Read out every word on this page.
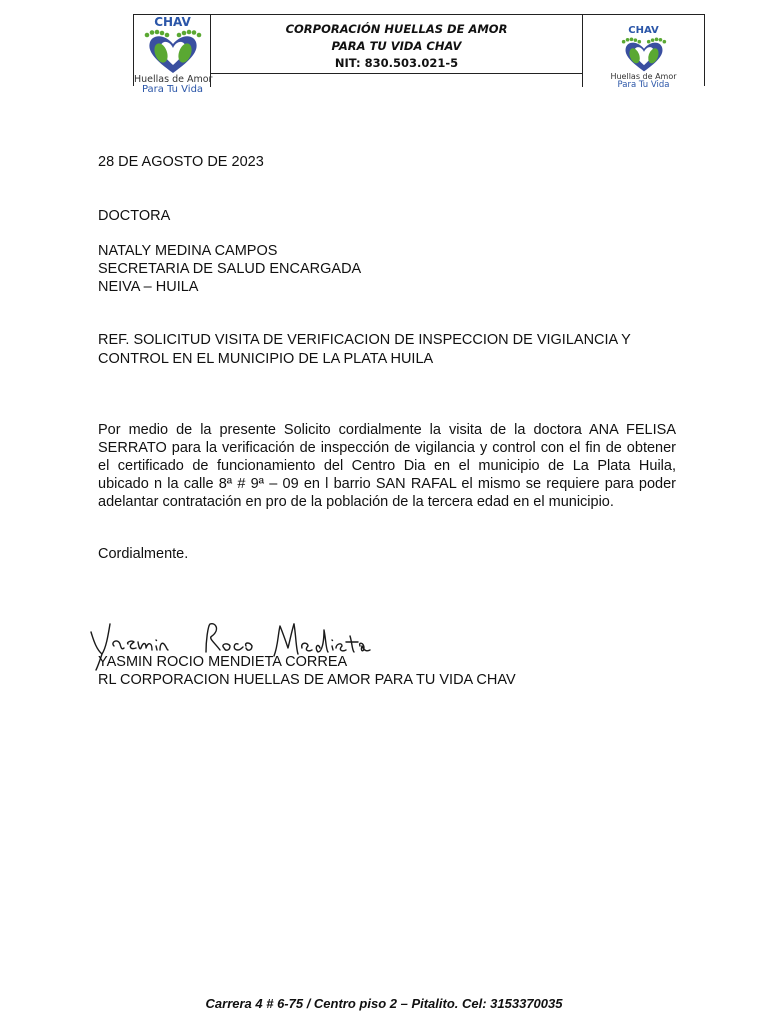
CHAV
Huellas de Amor
Para Tu Vida
CORPORACIÓN HUELLAS DE AMOR
PARA TU VIDA CHAV
NIT: 830.503.021-5
CHAV
Huellas de Amor
Para Tu Vida
28 DE AGOSTO DE 2023
DOCTORA
NATALY MEDINA CAMPOS
SECRETARIA DE SALUD ENCARGADA
NEIVA – HUILA
REF. SOLICITUD VISITA DE VERIFICACION DE INSPECCION DE VIGILANCIA Y
CONTROL EN EL MUNICIPIO DE LA PLATA HUILA
Por medio de la presente Solicito cordialmente la visita de la doctora ANA FELISA
SERRATO para la verificación de inspección de vigilancia y control con el fin de obtener
el certificado de funcionamiento del Centro Dia en el municipio de La Plata Huila,
ubicado n la calle 8ª # 9ª – 09 en l barrio SAN RAFAL el mismo se requiere para poder
adelantar contratación en pro de la población de la tercera edad en el municipio.
Cordialmente.
YASMIN ROCIO MENDIETA CORREA
RL CORPORACION HUELLAS DE AMOR PARA TU VIDA CHAV
Carrera 4 # 6-75 / Centro piso 2 – Pitalito. Cel: 3153370035
